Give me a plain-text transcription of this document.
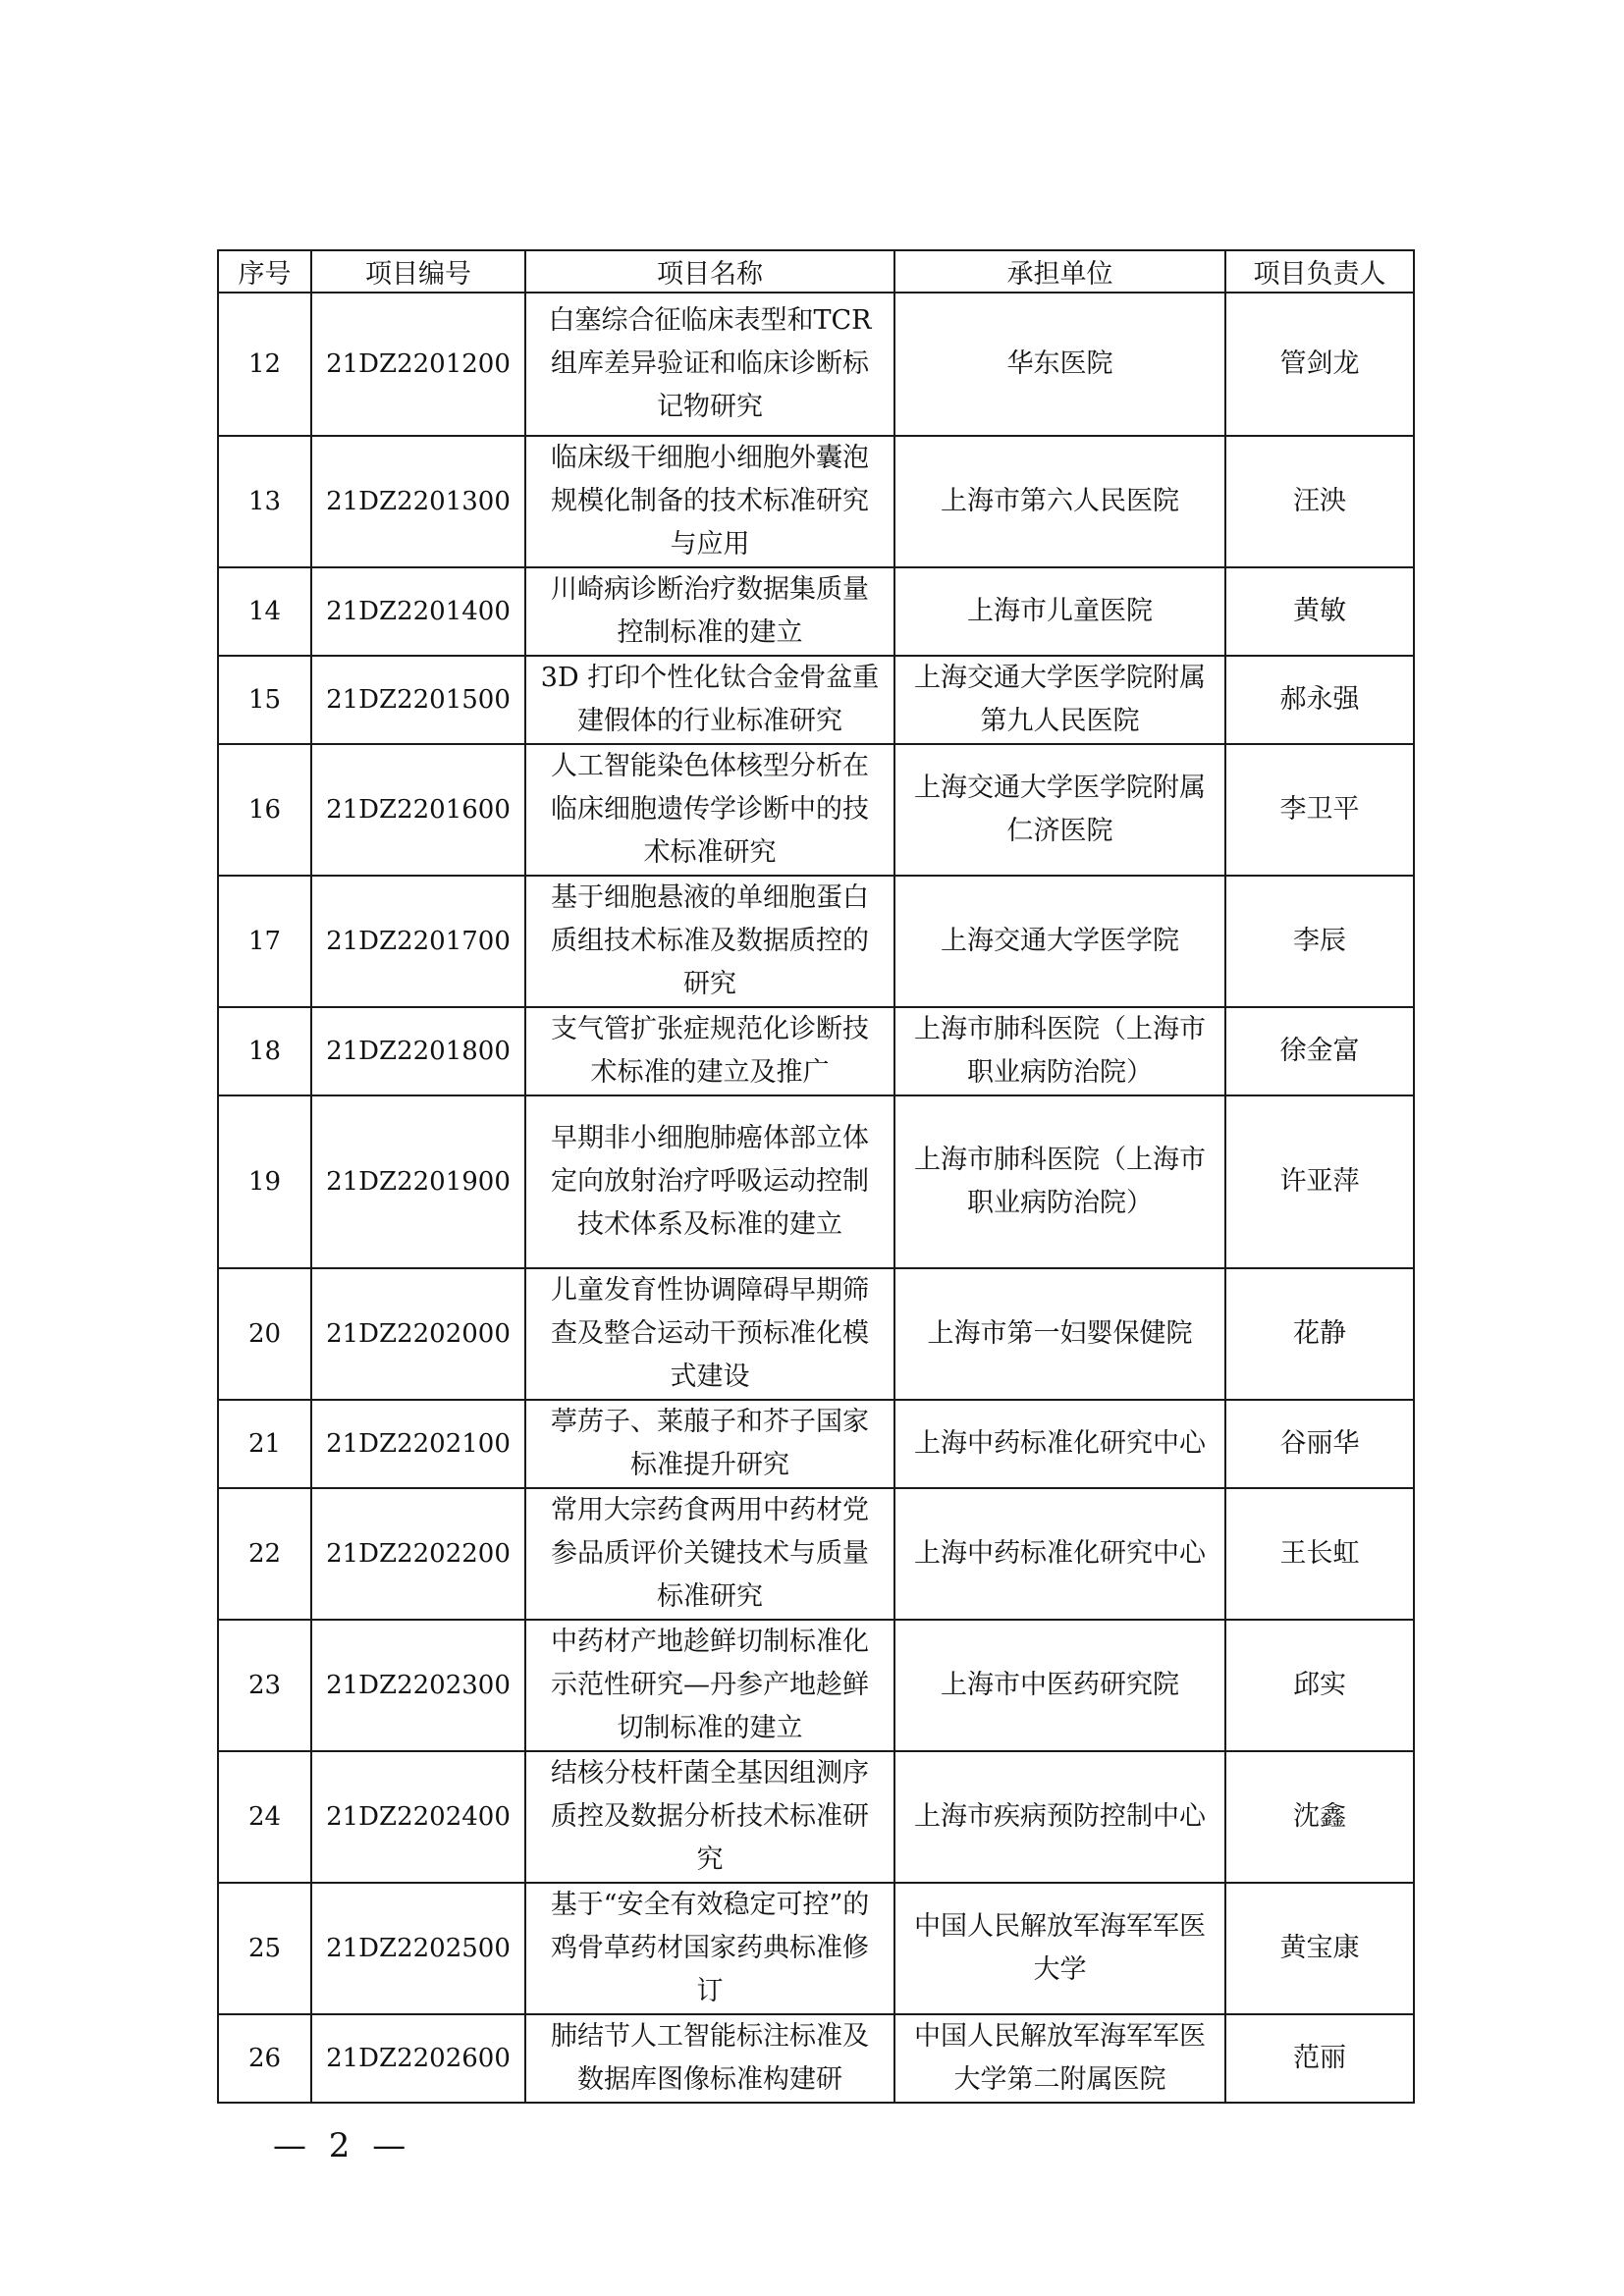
序号	项目编号	项目名称	承担单位	项目负责人
12	21DZ2201200	白塞综合征临床表型和TCR 组库差异验证和临床诊断标记物研究	华东医院	管剑龙
13	21DZ2201300	临床级干细胞小细胞外囊泡规模化制备的技术标准研究与应用	上海市第六人民医院	汪泱
14	21DZ2201400	川崎病诊断治疗数据集质量控制标准的建立	上海市儿童医院	黄敏
15	21DZ2201500	3D 打印个性化钛合金骨盆重建假体的行业标准研究	上海交通大学医学院附属第九人民医院	郝永强
16	21DZ2201600	人工智能染色体核型分析在临床细胞遗传学诊断中的技术标准研究	上海交通大学医学院附属仁济医院	李卫平
17	21DZ2201700	基于细胞悬液的单细胞蛋白质组技术标准及数据质控的研究	上海交通大学医学院	李辰
18	21DZ2201800	支气管扩张症规范化诊断技术标准的建立及推广	上海市肺科医院（上海市职业病防治院）	徐金富
19	21DZ2201900	早期非小细胞肺癌体部立体定向放射治疗呼吸运动控制技术体系及标准的建立	上海市肺科医院（上海市职业病防治院）	许亚萍
20	21DZ2202000	儿童发育性协调障碍早期筛查及整合运动干预标准化模式建设	上海市第一妇婴保健院	花静
21	21DZ2202100	葶苈子、莱菔子和芥子国家标准提升研究	上海中药标准化研究中心	谷丽华
22	21DZ2202200	常用大宗药食两用中药材党参品质评价关键技术与质量标准研究	上海中药标准化研究中心	王长虹
23	21DZ2202300	中药材产地趁鲜切制标准化示范性研究—丹参产地趁鲜切制标准的建立	上海市中医药研究院	邱实
24	21DZ2202400	结核分枝杆菌全基因组测序质控及数据分析技术标准研究	上海市疾病预防控制中心	沈鑫
25	21DZ2202500	基于“安全有效稳定可控”的鸡骨草药材国家药典标准修订	中国人民解放军海军军医大学	黄宝康
26	21DZ2202600	肺结节人工智能标注标准及数据库图像标准构建研	中国人民解放军海军军医大学第二附属医院	范丽
— 2 —
